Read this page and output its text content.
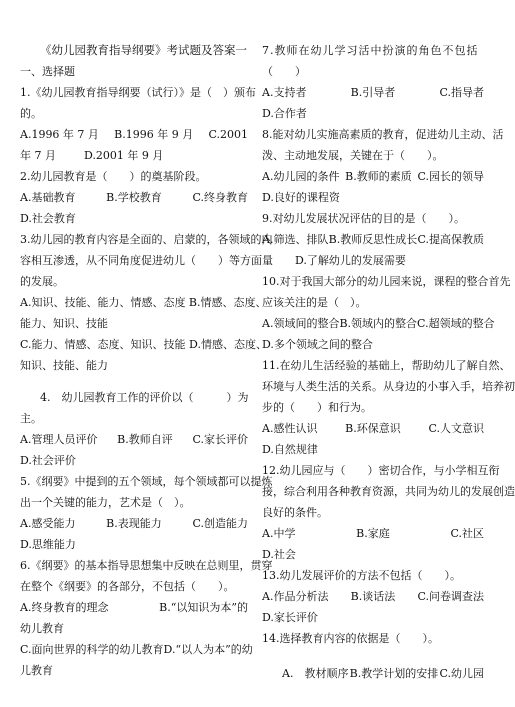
《幼儿园教育指导纲要》考试题及答案一
一、选择题
1.《幼儿园教育指导纲要（试行）》是（　）颁布
的。
A.1996 年 7 月 B.1996 年 9 月 C.2001
年 7 月	D.2001 年 9 月
2.幼儿园教育是（　　）的奠基阶段。
A.基础教育	B.学校教育	C.终身教育
D.社会教育
3.幼儿园的教育内容是全面的、启蒙的，各领域的内
容相互渗透，从不同角度促进幼儿（　　）等方面
的发展。
A.知识、技能、能力、情感、态度 B.情感、态度、
能力、知识、技能
C.能力、情感、态度、知识、技能 D.情感、态度、
知识、技能、能力
4.　幼儿园教育工作的评价以（　　　）为
主。
A.管理人员评价 B.教师自评 C.家长评价
D.社会评价
5.《纲要》中提到的五个领域，每个领域都可以提炼
出一个关键的能力，艺术是（　）。
A.感受能力	B.表现能力	C.创造能力
D.思维能力
6.《纲要》的基本指导思想集中反映在总则里，贯穿
在整个《纲要》的各部分，不包括（　　）。
A.终身教育的理念	B.“以知识为本”的
幼儿教育
C.面向世界的科学的幼儿教育 D.“以人为本”的幼
儿教育
7.教师在幼儿学习活中扮演的角色不包括
（　　）
A.支持者	B.引导者	C.指导者
D.合作者
8.能对幼儿实施高素质的教育，促进幼儿主动、活
泼、主动地发展，关键在于（　　）。
A.幼儿园的条件 B.教师的素质 C.园长的领导
D.良好的课程资
9.对幼儿发展状况评估的目的是（　　）。
A.筛选、排队 B.教师反思性成长 C.提高保教质
量　　D.了解幼儿的发展需要
10.对于我国大部分的幼儿园来说，课程的整合首先
应该关注的是（　）。
A.领域间的整合 B.领域内的整合 C.超领域的整合
D.多个领域之间的整合
11.在幼儿生活经验的基础上，帮助幼儿了解自然、
环境与人类生活的关系。从身边的小事入手，培养初
步的（　　）和行为。
A.感性认识	B.环保意识	C.人文意识
D.自然规律
12.幼儿园应与（　　）密切合作，与小学相互衔
接，综合利用各种教育资源，共同为幼儿的发展创造
良好的条件。
A.中学	B.家庭	C.社区
D.社会
13.幼儿发展评价的方法不包括（　　）。
A.作品分析法 B.谈话法 C.问卷调查法
D.家长评价
14.选择教育内容的依据是（　　）。
A.　教材顺序 B.教学计划的安排 C.幼儿园
